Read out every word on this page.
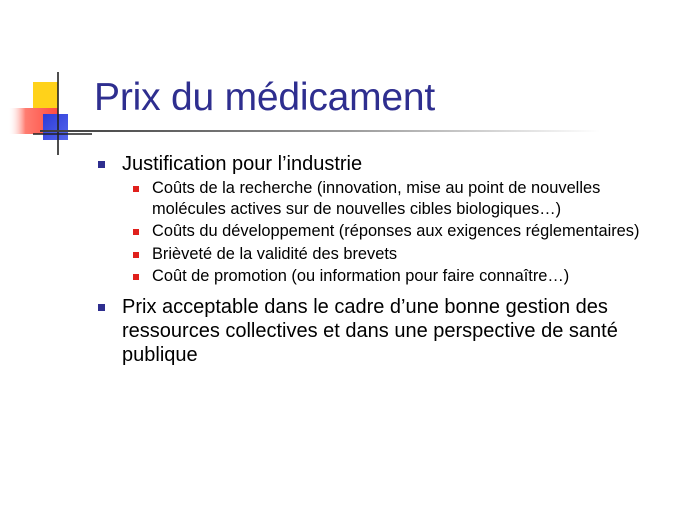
Prix du médicament
Justification pour l’industrie
Coûts de la recherche (innovation, mise au point de nouvelles molécules actives sur de nouvelles cibles biologiques…)
Coûts du développement (réponses aux exigences réglementaires)
Brièveté de la validité des brevets
Coût de promotion (ou information pour faire connaître…)
Prix acceptable dans le cadre d’une bonne gestion des ressources collectives et dans une perspective de santé publique
